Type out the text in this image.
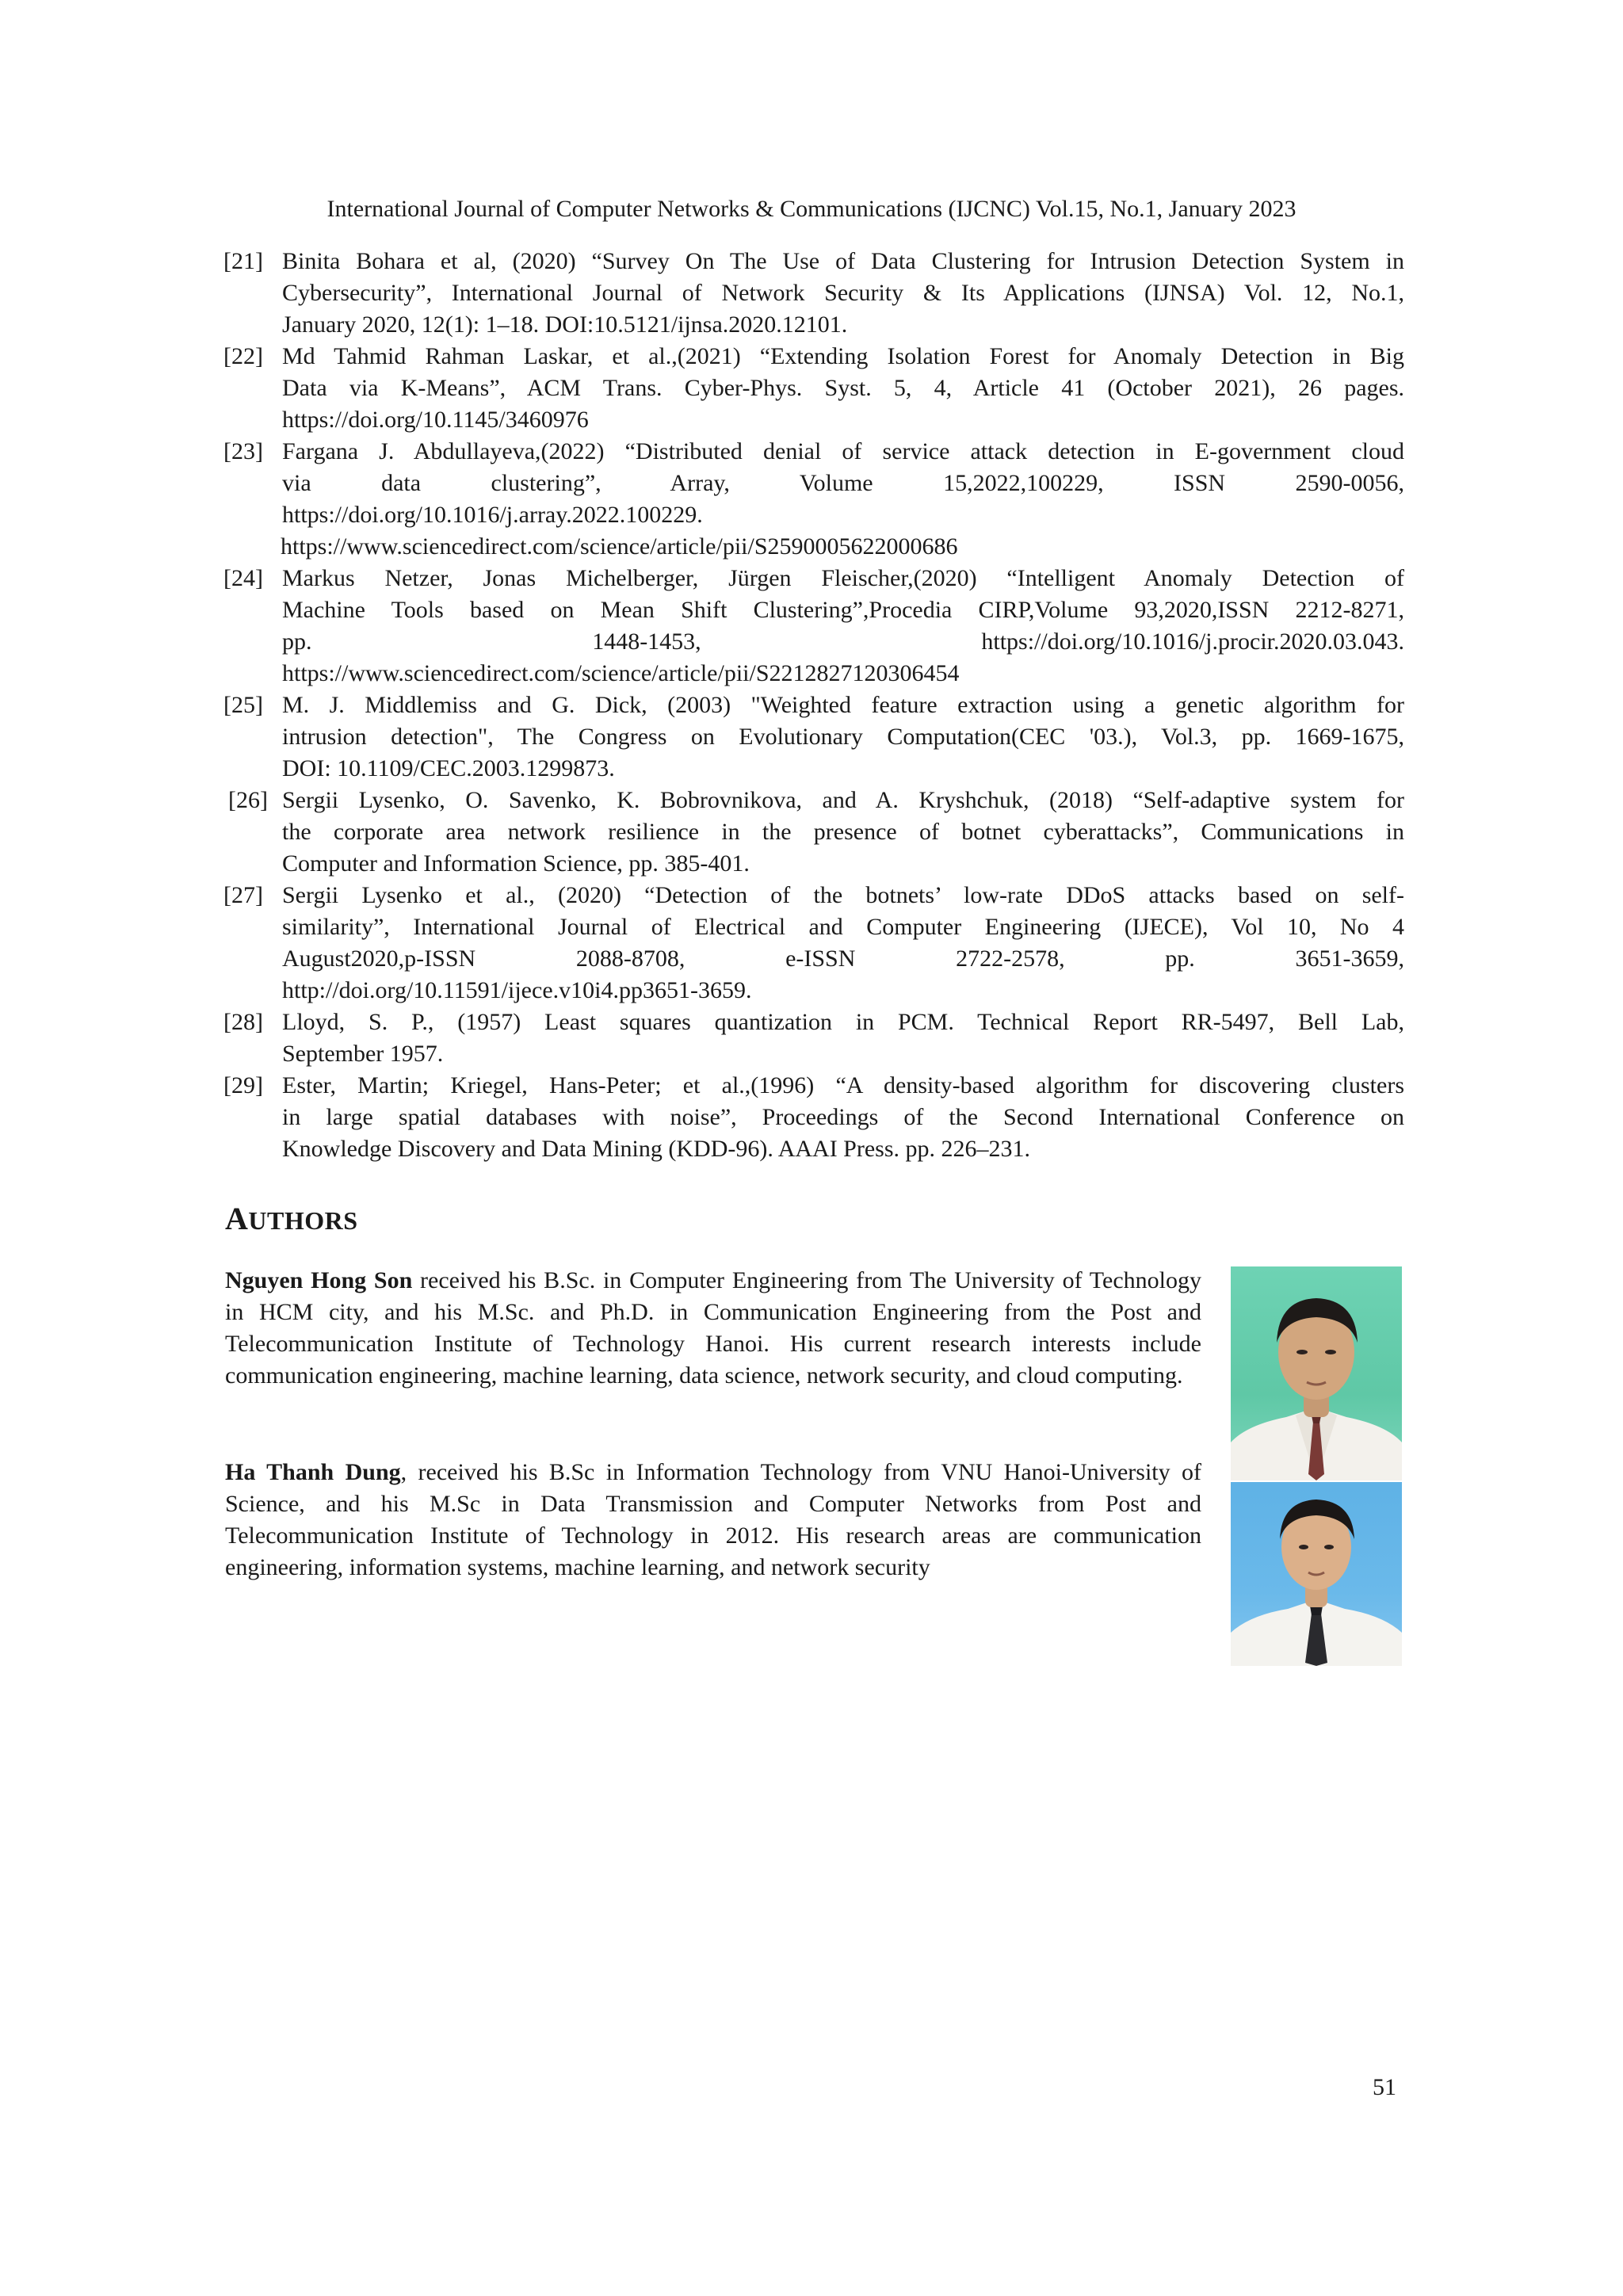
International Journal of Computer Networks & Communications (IJCNC) Vol.15, No.1, January 2023
[21] Binita Bohara et al, (2020) “Survey On The Use of Data Clustering for Intrusion Detection System in
Cybersecurity”, International Journal of Network Security & Its Applications (IJNSA) Vol. 12, No.1,
January 2020, 12(1): 1–18. DOI:10.5121/ijnsa.2020.12101.
[22] Md Tahmid Rahman Laskar, et al.,(2021) “Extending Isolation Forest for Anomaly Detection in Big
Data via K-Means”, ACM Trans. Cyber-Phys. Syst. 5, 4, Article 41 (October 2021), 26 pages.
https://doi.org/10.1145/3460976
[23] Fargana J. Abdullayeva,(2022) “Distributed denial of service attack detection in E-government cloud
via data clustering”, Array, Volume 15,2022,100229, ISSN 2590-0056,
https://doi.org/10.1016/j.array.2022.100229.
https://www.sciencedirect.com/science/article/pii/S2590005622000686
[24] Markus Netzer, Jonas Michelberger, Jürgen Fleischer,(2020) “Intelligent Anomaly Detection of
Machine Tools based on Mean Shift Clustering”,Procedia CIRP,Volume 93,2020,ISSN 2212-8271,
pp. 1448-1453, https://doi.org/10.1016/j.procir.2020.03.043.
https://www.sciencedirect.com/science/article/pii/S2212827120306454
[25] M. J. Middlemiss and G. Dick, (2003) "Weighted feature extraction using a genetic algorithm for
intrusion detection", The Congress on Evolutionary Computation(CEC '03.), Vol.3, pp. 1669-1675,
DOI: 10.1109/CEC.2003.1299873.
[26] Sergii Lysenko, O. Savenko, K. Bobrovnikova, and A. Kryshchuk, (2018) “Self-adaptive system for
the corporate area network resilience in the presence of botnet cyberattacks”, Communications in
Computer and Information Science, pp. 385-401.
[27] Sergii Lysenko et al., (2020) “Detection of the botnets’ low-rate DDoS attacks based on self-
similarity”, International Journal of Electrical and Computer Engineering (IJECE), Vol 10, No 4
August2020,p-ISSN 2088-8708, e-ISSN 2722-2578, pp. 3651-3659,
http://doi.org/10.11591/ijece.v10i4.pp3651-3659.
[28] Lloyd, S. P., (1957) Least squares quantization in PCM. Technical Report RR-5497, Bell Lab,
September 1957.
[29] Ester, Martin; Kriegel, Hans-Peter; et al.,(1996) “A density-based algorithm for discovering clusters
in large spatial databases with noise”, Proceedings of the Second International Conference on
Knowledge Discovery and Data Mining (KDD-96). AAAI Press. pp. 226–231.
AUTHORS
Nguyen Hong Son received his B.Sc. in Computer Engineering from The University of Technology in HCM city, and his M.Sc. and Ph.D. in Communication Engineering from the Post and Telecommunication Institute of Technology Hanoi. His current research interests include communication engineering, machine learning, data science, network security, and cloud computing.
Ha Thanh Dung, received his B.Sc in Information Technology from VNU Hanoi-University of Science, and his M.Sc in Data Transmission and Computer Networks from Post and Telecommunication Institute of Technology in 2012. His research areas are communication engineering, information systems, machine learning, and network security
51
